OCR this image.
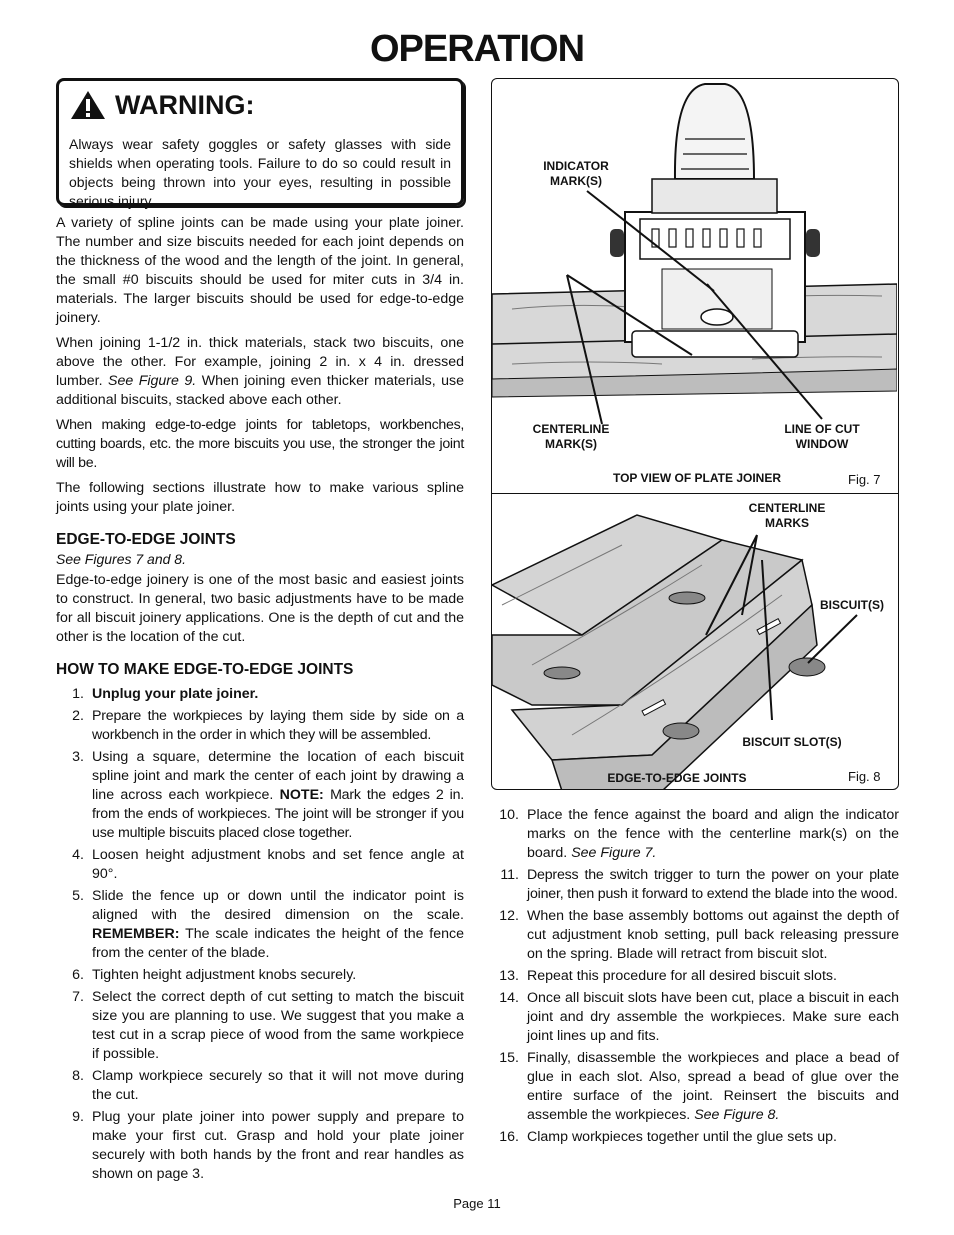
OPERATION
WARNING:

Always wear safety goggles or safety glasses with side shields when operating tools. Failure to do so could result in objects being thrown into your eyes, resulting in possible serious injury.

A variety of spline joints can be made using your plate joiner. The number and size biscuits needed for each joint depends on the thickness of the wood and the length of the joint. In general, the small #0 biscuits should be used for miter cuts in 3/4 in. materials. The larger biscuits should be used for edge-to-edge joinery.

When joining 1-1/2 in. thick materials, stack two biscuits, one above the other. For example, joining 2 in. x 4 in. dressed lumber. See Figure 9. When joining even thicker materials, use additional biscuits, stacked above each other.

When making edge-to-edge joints for tabletops, workbenches, cutting boards, etc. the more biscuits you use, the stronger the joint will be.

The following sections illustrate how to make various spline joints using your plate joiner.

EDGE-TO-EDGE JOINTS

See Figures 7 and 8.

Edge-to-edge joinery is one of the most basic and easiest joints to construct. In general, two basic adjustments have to be made for all biscuit joinery applications. One is the depth of cut and the other is the location of the cut.

HOW TO MAKE EDGE-TO-EDGE JOINTS
1. Unplug your plate joiner.
2. Prepare the workpieces by laying them side by side on a workbench in the order in which they will be assembled.
3. Using a square, determine the location of each biscuit spline joint and mark the center of each joint by drawing a line across each workpiece. NOTE: Mark the edges 2 in. from the ends of workpieces. The joint will be stronger if you use multiple biscuits placed close together.
4. Loosen height adjustment knobs and set fence angle at 90°.
5. Slide the fence up or down until the indicator point is aligned with the desired dimension on the scale. REMEMBER: The scale indicates the height of the fence from the center of the blade.
6. Tighten height adjustment knobs securely.
7. Select the correct depth of cut setting to match the biscuit size you are planning to use. We suggest that you make a test cut in a scrap piece of wood from the same workpiece if possible.
8. Clamp workpiece securely so that it will not move during the cut.
9. Plug your plate joiner into power supply and prepare to make your first cut. Grasp and hold your plate joiner securely with both hands by the front and rear handles as shown on page 3.
INDICATOR MARK(S)
CENTERLINE MARK(S)
LINE OF CUT WINDOW
TOP VIEW OF PLATE JOINER	Fig. 7
CENTERLINE MARKS
BISCUIT(S)
BISCUIT SLOT(S)
EDGE-TO-EDGE JOINTS	Fig. 8
10. Place the fence against the board and align the indicator marks on the fence with the centerline mark(s) on the board. See Figure 7.
11. Depress the switch trigger to turn the power on your plate joiner, then push it forward to extend the blade into the wood.
12. When the base assembly bottoms out against the depth of cut adjustment knob setting, pull back releasing pressure on the spring. Blade will retract from biscuit slot.
13. Repeat this procedure for all desired biscuit slots.
14. Once all biscuit slots have been cut, place a biscuit in each joint and dry assemble the workpieces. Make sure each joint lines up and fits.
15. Finally, disassemble the workpieces and place a bead of glue in each slot. Also, spread a bead of glue over the entire surface of the joint. Reinsert the biscuits and assemble the workpieces. See Figure 8.
16. Clamp workpieces together until the glue sets up.
Page 11
